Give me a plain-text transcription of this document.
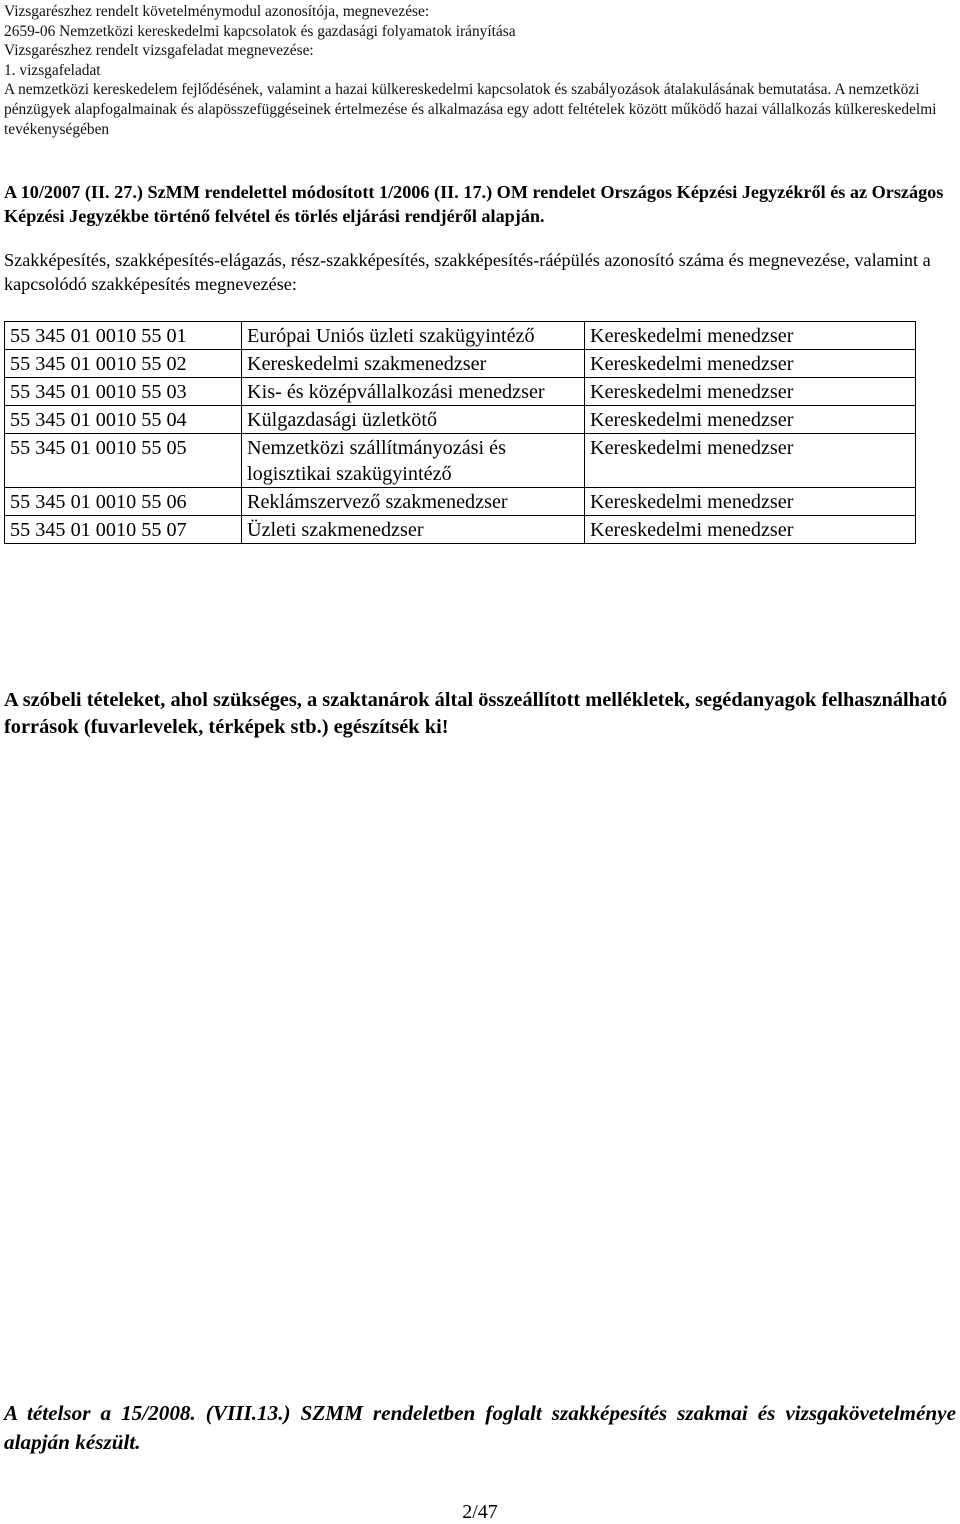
Vizsgarészhez rendelt követelménymodul azonosítója, megnevezése:
2659-06 Nemzetközi kereskedelmi kapcsolatok és gazdasági folyamatok irányítása
Vizsgarészhez rendelt vizsgafeladat megnevezése:
1. vizsgafeladat
A nemzetközi kereskedelem fejlődésének, valamint a hazai külkereskedelmi kapcsolatok és szabályozások átalakulásának bemutatása. A nemzetközi pénzügyek alapfogalmainak és alapösszefüggéseinek értelmezése és alkalmazása egy adott feltételek között működő hazai vállalkozás külkereskedelmi tevékenységében

A 10/2007 (II. 27.) SzMM rendelettel módosított 1/2006 (II. 17.) OM rendelet Országos Képzési Jegyzékről és az Országos Képzési Jegyzékbe történő felvétel és törlés eljárási rendjéről alapján.

Szakképesítés, szakképesítés-elágazás, rész-szakképesítés, szakképesítés-ráépülés azonosító száma és megnevezése, valamint a kapcsolódó szakképesítés megnevezése:

55 345 01 0010 55 01	Európai Uniós üzleti szakügyintéző	Kereskedelmi menedzser
55 345 01 0010 55 02	Kereskedelmi szakmenedzser	Kereskedelmi menedzser
55 345 01 0010 55 03	Kis- és középvállalkozási menedzser	Kereskedelmi menedzser
55 345 01 0010 55 04	Külgazdasági üzletkötő	Kereskedelmi menedzser
55 345 01 0010 55 05	Nemzetközi szállítmányozási és logisztikai szakügyintéző	Kereskedelmi menedzser
55 345 01 0010 55 06	Reklámszervező szakmenedzser	Kereskedelmi menedzser
55 345 01 0010 55 07	Üzleti szakmenedzser	Kereskedelmi menedzser

A szóbeli tételeket, ahol szükséges, a szaktanárok által összeállított mellékletek, segédanyagok felhasználható források (fuvarlevelek, térképek stb.) egészítsék ki!

A tételsor a 15/2008. (VIII.13.) SZMM rendeletben foglalt szakképesítés szakmai és vizsgakövetelménye alapján készült.

2/47
